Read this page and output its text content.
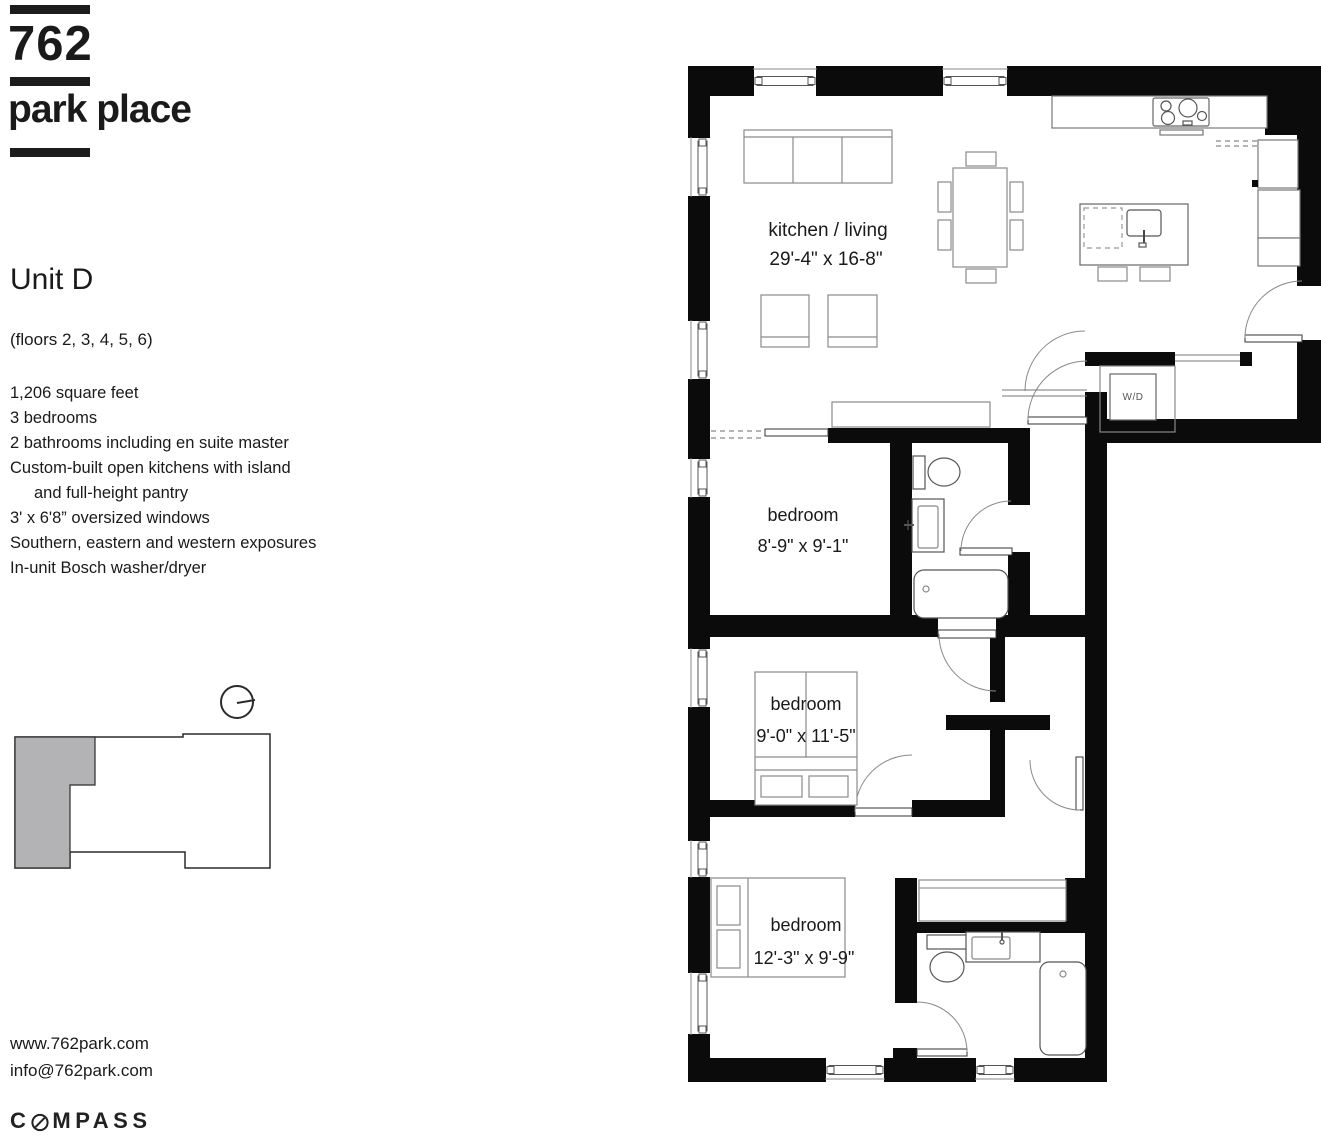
762
park place
Unit D
(floors 2, 3, 4, 5, 6)
1,206 square feet
3 bedrooms
2 bathrooms including en suite master
Custom-built open kitchens with island
and full-height pantry
3' x 6'8” oversized windows
Southern, eastern and western exposures
In-unit Bosch washer/dryer
www.762park.com
info@762park.com
C MPASS
W/D
kitchen / living
29'-4" x 16-8"
bedroom
8'-9" x 9'-1"
bedroom
9'-0" x 11'-5"
bedroom
12'-3" x 9'-9"
